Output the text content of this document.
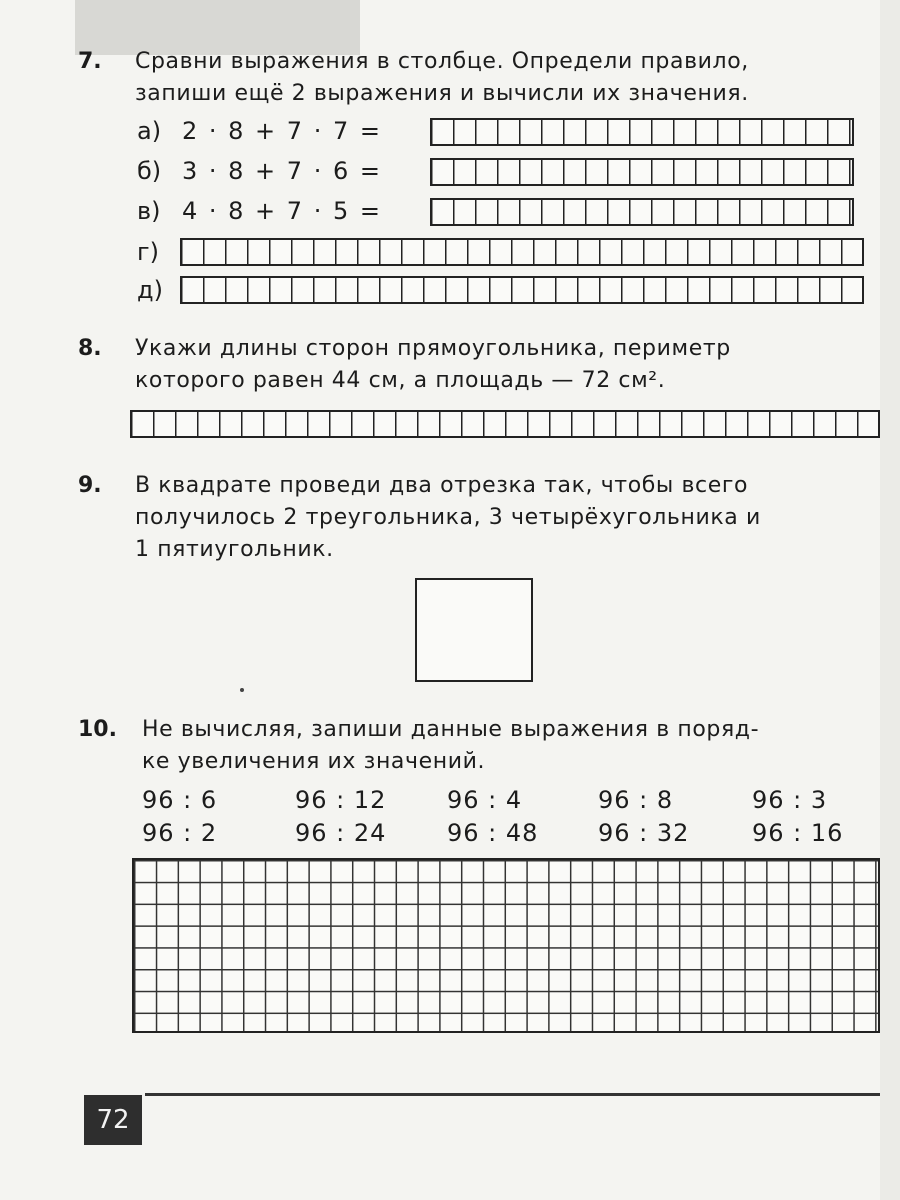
7. Сравни выражения в столбце. Определи правило,
запиши ещё 2 выражения и вычисли их значения.
а) 2 · 8 + 7 · 7 =
б) 3 · 8 + 7 · 6 =
в) 4 · 8 + 7 · 5 =
г)
д)
8. Укажи длины сторон прямоугольника, периметр
которого равен 44 см, а площадь — 72 см².
9. В квадрате проведи два отрезка так, чтобы всего
получилось 2 треугольника, 3 четырёхугольника и
1 пятиугольник.
10. Не вычисляя, запиши данные выражения в поряд-
ке увеличения их значений.
96 : 6	96 : 12	96 : 4	96 : 8	96 : 3
96 : 2	96 : 24	96 : 48 96 : 32	96 : 16
72
